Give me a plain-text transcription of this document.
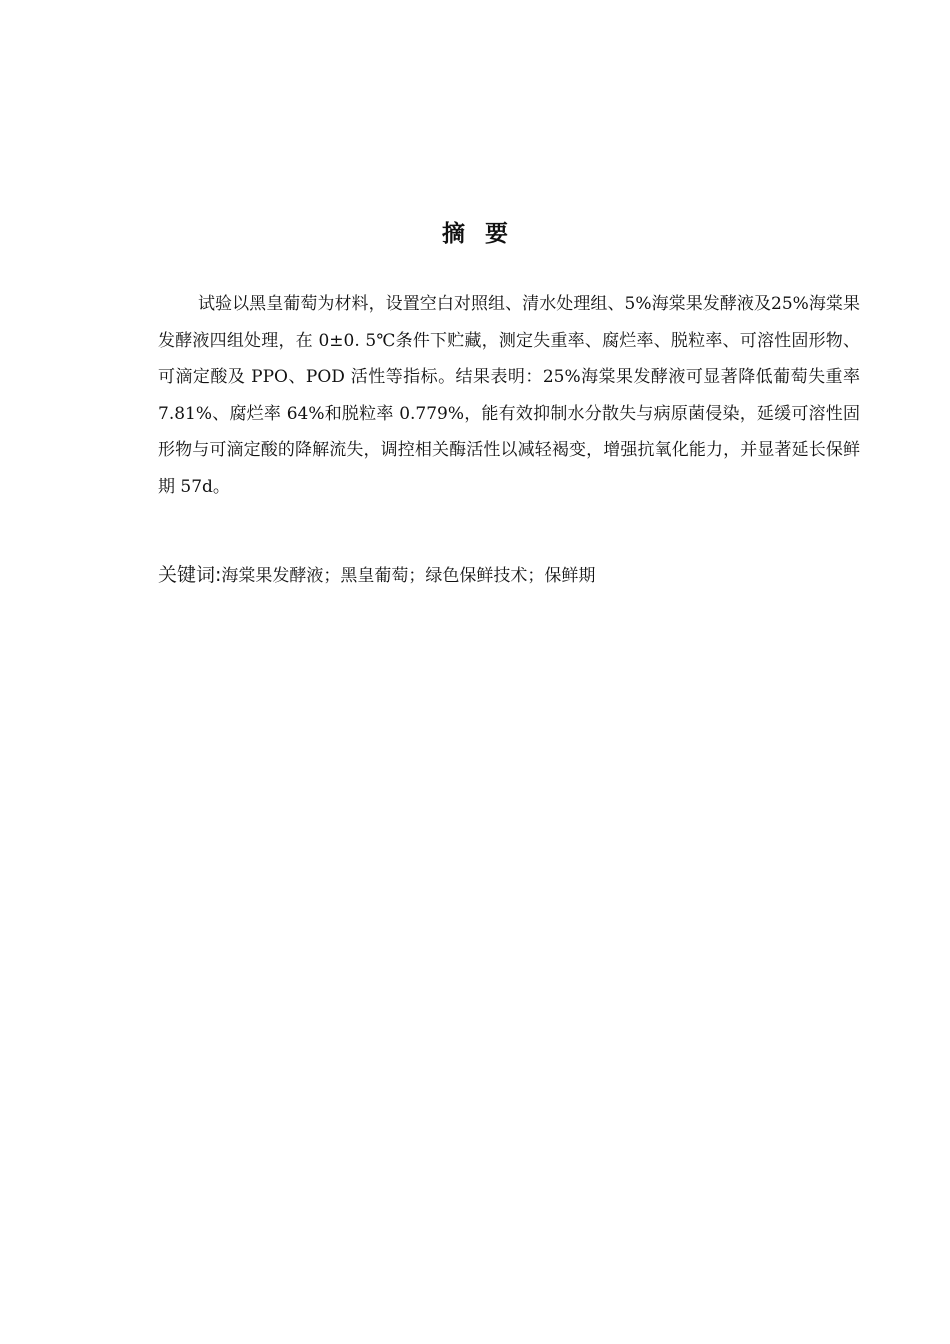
摘要

试验以黑皇葡萄为材料，设置空白对照组、清水处理组、5%海棠果发酵液及25%海棠果发酵液四组处理，在 0±0. 5℃条件下贮藏，测定失重率、腐烂率、脱粒率、可溶性固形物、可滴定酸及 PPO、POD 活性等指标。结果表明：25%海棠果发酵液可显著降低葡萄失重率 7.81%、腐烂率 64%和脱粒率 0.779%，能有效抑制水分散失与病原菌侵染，延缓可溶性固形物与可滴定酸的降解流失，调控相关酶活性以减轻褐变，增强抗氧化能力，并显著延长保鲜期 57d。

关键词:海棠果发酵液；黑皇葡萄；绿色保鲜技术；保鲜期
